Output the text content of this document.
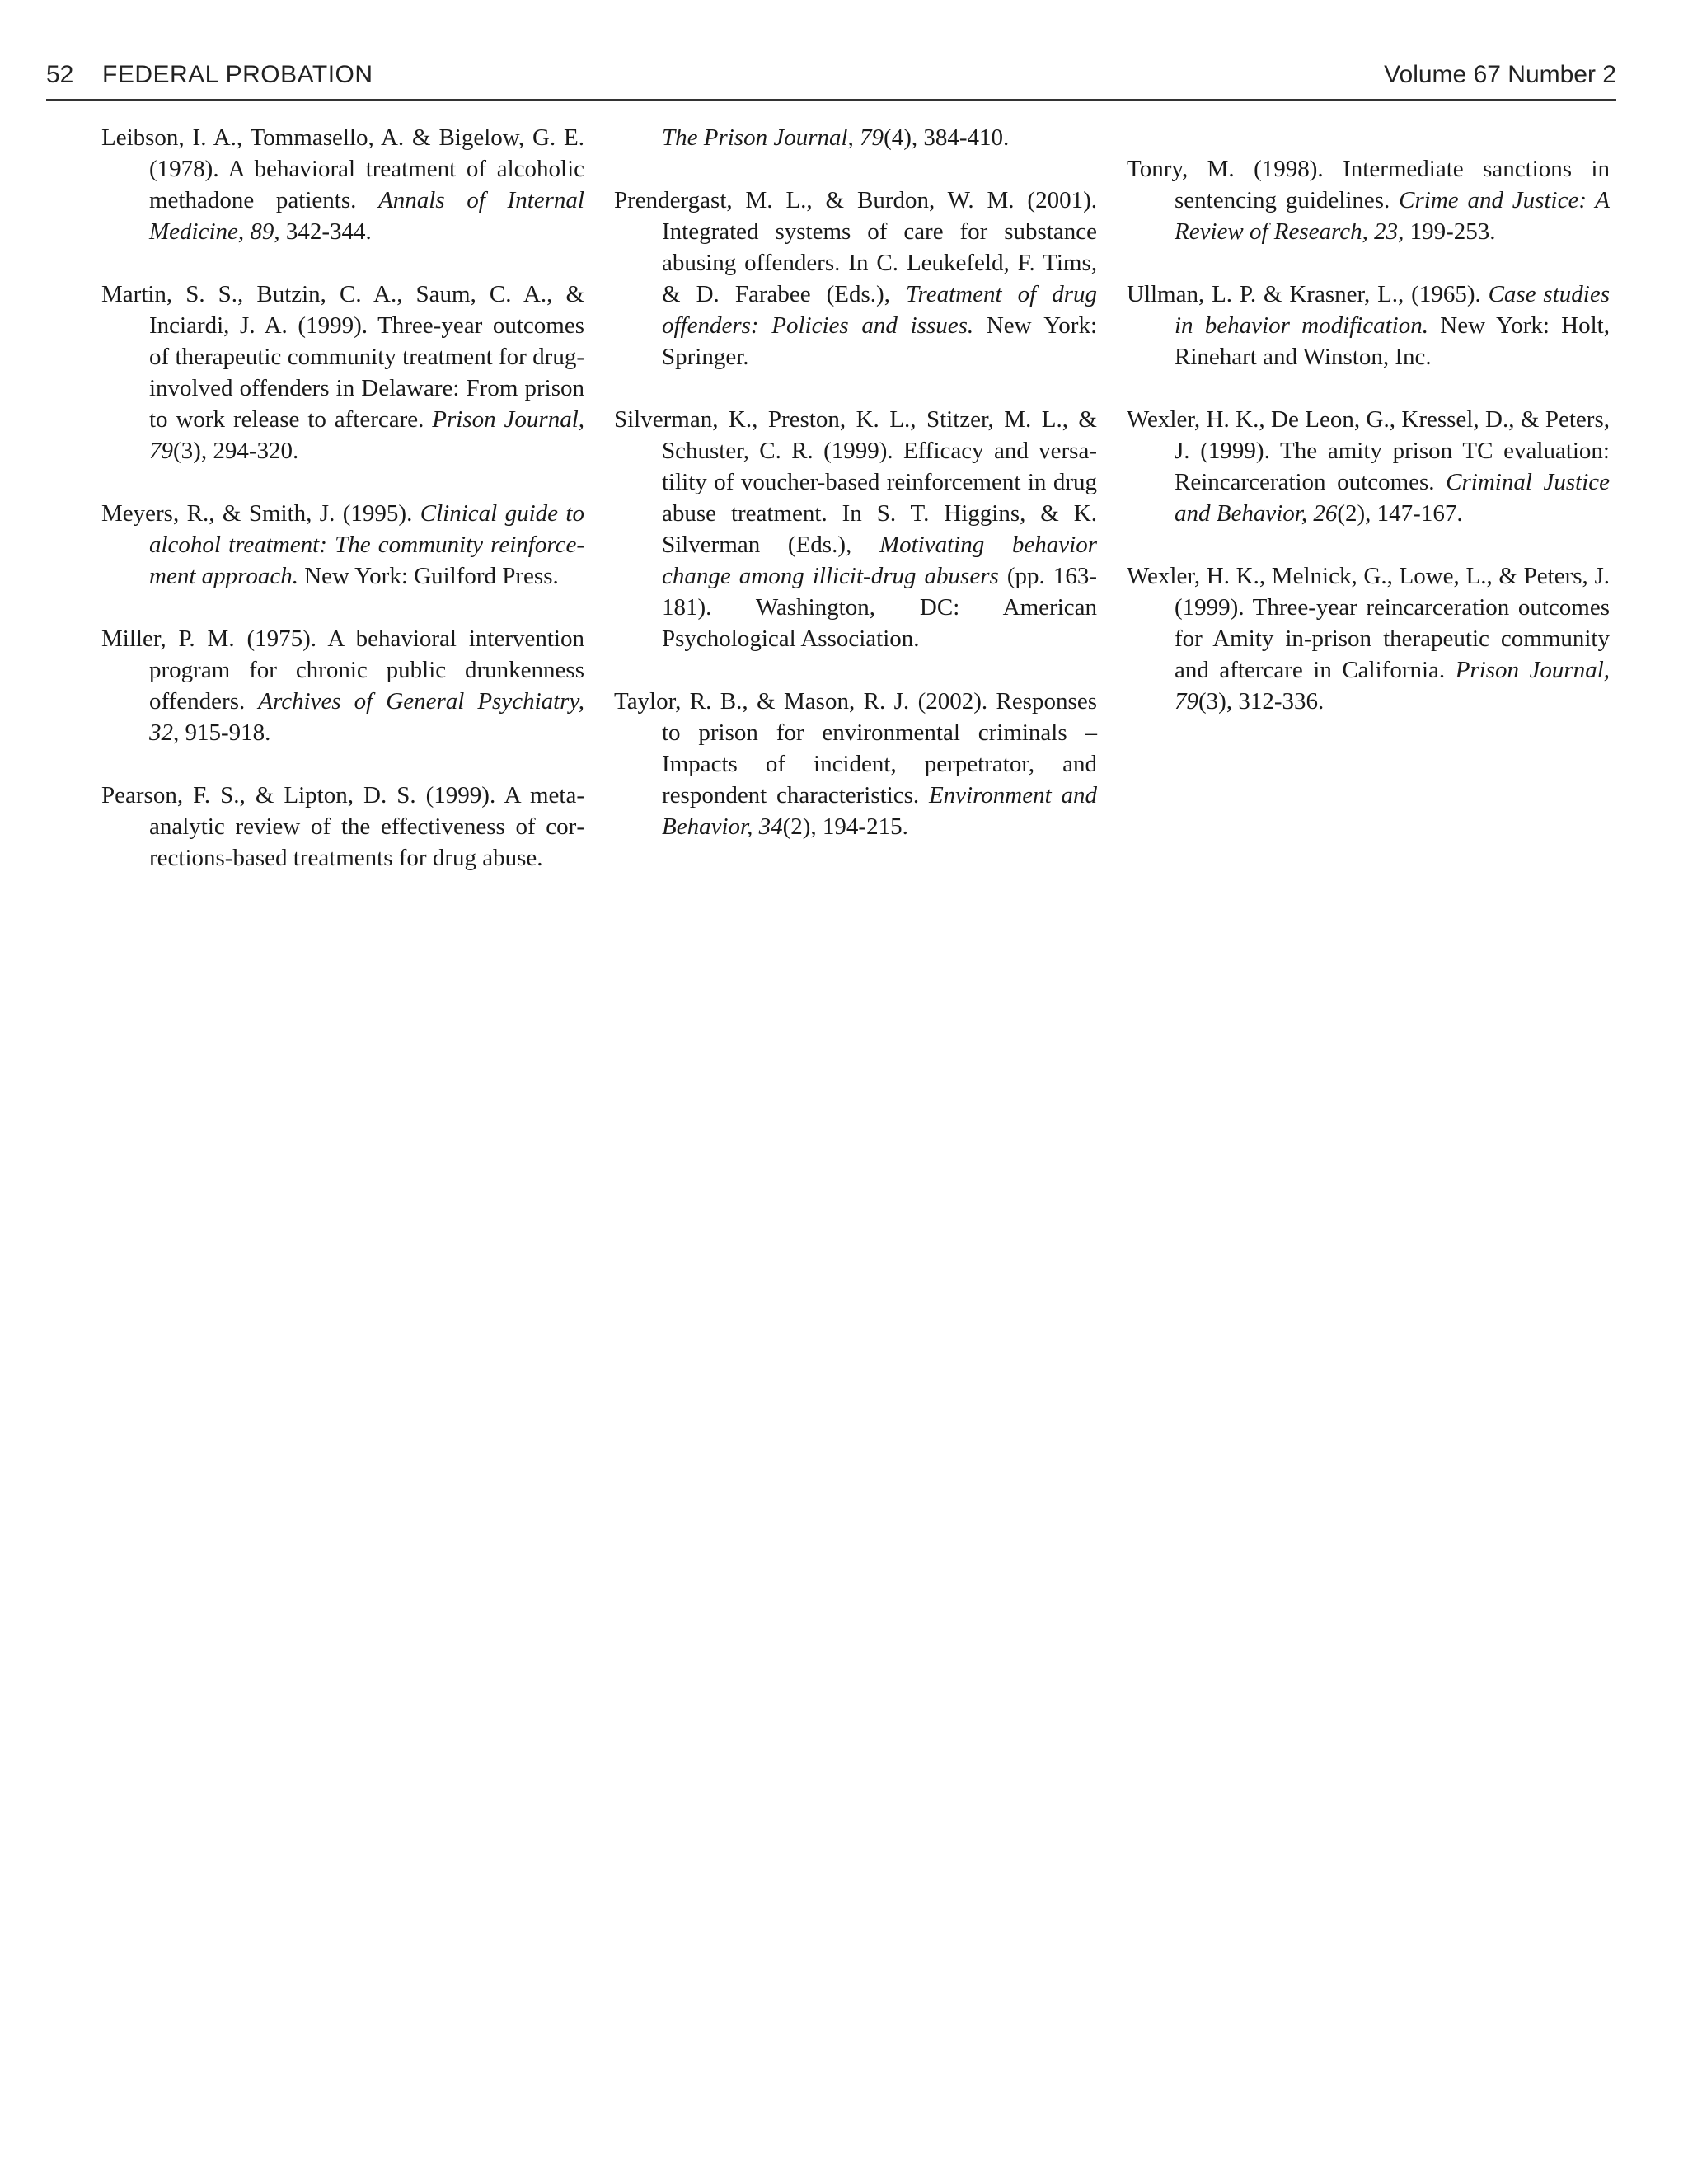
52 FEDERAL PROBATION	Volume 67 Number 2

Leibson, I. A., Tommasello, A. & Bigelow, G. E. (1978). A behavioral treatment of alcoholic methadone patients. Annals of Internal Medicine, 89, 342-344.

Martin, S. S., Butzin, C. A., Saum, C. A., & Inciardi, J. A. (1999). Three-year outcomes of therapeutic community treatment for drug-involved offenders in Delaware: From prison to work release to aftercare. Prison Journal, 79(3), 294-320.

Meyers, R., & Smith, J. (1995). Clinical guide to alcohol treatment: The community reinforcement approach. New York: Guilford Press.

Miller, P. M. (1975). A behavioral intervention program for chronic public drunkenness offenders. Archives of General Psychiatry, 32, 915-918.

Pearson, F. S., & Lipton, D. S. (1999). A meta-analytic review of the effectiveness of corrections-based treatments for drug abuse.

The Prison Journal, 79(4), 384-410.

Prendergast, M. L., & Burdon, W. M. (2001). Integrated systems of care for substance abusing offenders. In C. Leukefeld, F. Tims, & D. Farabee (Eds.), Treatment of drug offenders: Policies and issues. New York: Springer.

Silverman, K., Preston, K. L., Stitzer, M. L., & Schuster, C. R. (1999). Efficacy and versatility of voucher-based reinforcement in drug abuse treatment. In S. T. Higgins, & K. Silverman (Eds.), Motivating behavior change among illicit-drug abusers (pp. 163-181). Washington, DC: American Psychological Association.

Taylor, R. B., & Mason, R. J. (2002). Responses to prison for environmental criminals – Impacts of incident, perpetrator, and respondent characteristics. Environment and Behavior, 34(2), 194-215.

Tonry, M. (1998). Intermediate sanctions in sentencing guidelines. Crime and Justice: A Review of Research, 23, 199-253.

Ullman, L. P. & Krasner, L., (1965). Case studies in behavior modification. New York: Holt, Rinehart and Winston, Inc.

Wexler, H. K., De Leon, G., Kressel, D., & Peters, J. (1999). The amity prison TC evaluation: Reincarceration outcomes. Criminal Justice and Behavior, 26(2), 147-167.

Wexler, H. K., Melnick, G., Lowe, L., & Peters, J. (1999). Three-year reincarceration outcomes for Amity in-prison therapeutic community and aftercare in California. Prison Journal, 79(3), 312-336.
